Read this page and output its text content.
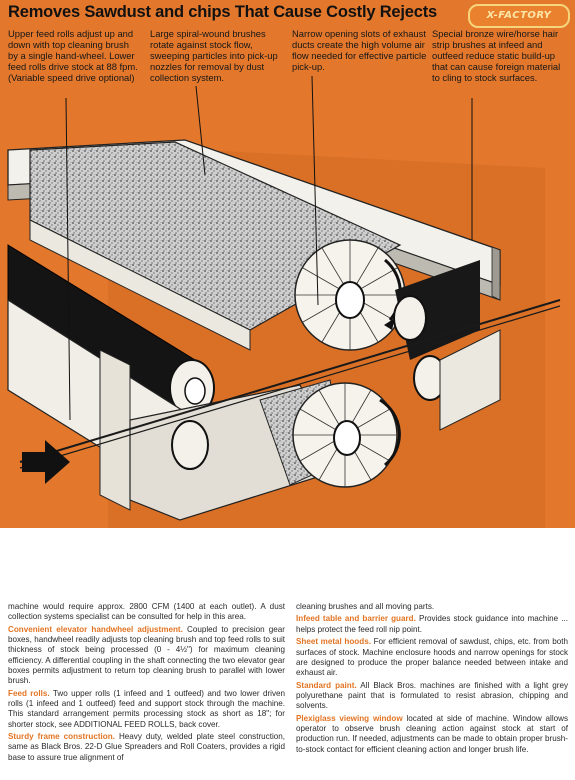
Removes Sawdust and chips That Cause Costly Rejects	X-FACTORY
Upper feed rolls adjust up and down with top cleaning brush by a single hand-wheel. Lower feed rolls drive stock at 88 fpm. (Variable speed drive optional)
Large spiral-wound brushes rotate against stock flow, sweeping particles into pick-up nozzles for removal by dust collection system.
Narrow opening slots of exhaust ducts create the high volume air flow needed for effective particle pick-up.
Special bronze wire/horse hair strip brushes at infeed and outfeed reduce static build-up that can cause foreign material to cling to stock surfaces.

machine would require approx. 2800 CFM (1400 at each outlet). A dust collection systems specialist can be consulted for help in this area.

Convenient elevator handwheel adjustment. Coupled to precision gear boxes, handwheel readily adjusts top cleaning brush and top feed rolls to suit thickness of stock being processed (0 - 4½") for maximum cleaning efficiency. A differential coupling in the shaft connecting the two elevator gear boxes permits adjustment to return top cleaning brush to parallel with lower brush.

Feed rolls. Two upper rolls (1 infeed and 1 outfeed) and two lower driven rolls (1 infeed and 1 outfeed) feed and support stock through the machine. This standard arrangement permits processing stock as short as 18"; for shorter stock, see ADDITIONAL FEED ROLLS, back cover.

Sturdy frame construction. Heavy duty, welded plate steel construction, same as Black Bros. 22-D Glue Spreaders and Roll Coaters, provides a rigid base to assure true alignment of

cleaning brushes and all moving parts.

Infeed table and barrier guard. Provides stock guidance into machine ... helps protect the feed roll nip point.

Sheet metal hoods. For efficient removal of sawdust, chips, etc. from both surfaces of stock. Machine enclosure hoods and narrow openings for stock are designed to produce the proper balance needed between intake and exhaust air.

Standard paint. All Black Bros. machines are finished with a light grey polyurethane paint that is formulated to resist abrasion, chipping and solvents.

Plexiglass viewing window located at side of machine. Window allows operator to observe brush cleaning action against stock at start of production run. If needed, adjustments can be made to obtain proper brush-to-stock contact for efficient cleaning action and longer brush life.
